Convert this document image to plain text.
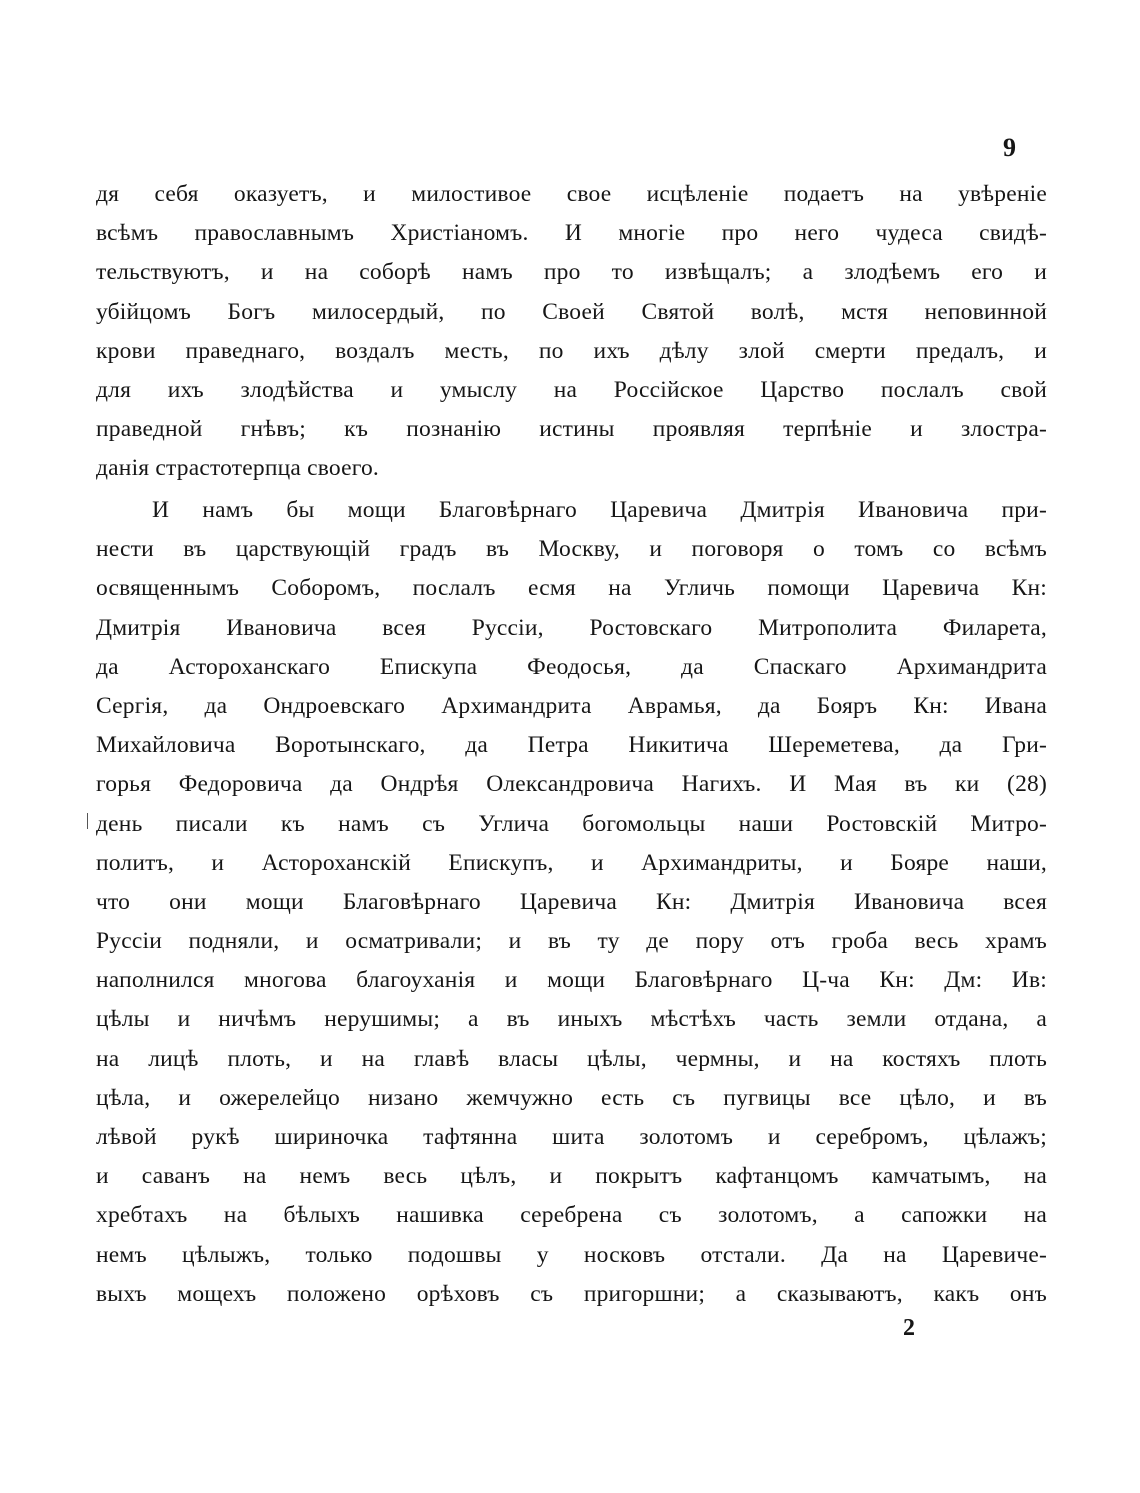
9
дя себя оказуетъ, и милостивое свое исцѣленіе подаетъ на увѣреніе
всѣмъ православнымъ Христіаномъ. И многіе про него чудеса свидѣ-
тельствуютъ, и на соборѣ намъ про то извѣщалъ; а злодѣемъ его и
убійцомъ Богъ милосердый, по Своей Святой волѣ, мстя неповинной
крови праведнаго, воздалъ месть, по ихъ дѣлу злой смерти предалъ, и
для ихъ злодѣйства и умыслу на Россійское Царство послалъ свой
праведной гнѣвъ; къ познанію истины проявляя терпѣніе и злостра-
данія страстотерпца своего.
И намъ бы мощи Благовѣрнаго Царевича Дмитрія Ивановича при-
нести въ царствующій градъ въ Москву, и поговоря о томъ со всѣмъ
освященнымъ Соборомъ, послалъ есмя на Угличь помощи Царевича Кн:
Дмитрія Ивановича всея Руссіи, Ростовскаго Митрополита Филарета,
да Астороханскаго Епискупа Феодосья, да Спаскаго Архимандрита
Сергія, да Ондроевскаго Архимандрита Аврамья, да Бояръ Кн: Ивана
Михайловича Воротынскаго, да Петра Никитича Шереметева, да Гри-
горья Федоровича да Ондрѣя Олександровича Нагихъ. И Мая въ ки (28)
день писали къ намъ съ Углича богомольцы наши Ростовскій Митро-
политъ, и Астороханскій Епискупъ, и Архимандриты, и Бояре наши,
что они мощи Благовѣрнаго Царевича Кн: Дмитрія Ивановича всея
Руссіи подняли, и осматривали; и въ ту де пору отъ гроба весь храмъ
наполнился многова благоуханія и мощи Благовѣрнаго Ц-ча Кн: Дм: Ив:
цѣлы и ничѣмъ нерушимы; а въ иныхъ мѣстѣхъ часть земли отдана, а
на лицѣ плоть, и на главѣ власы цѣлы, чермны, и на костяхъ плоть
цѣла, и ожерелейцо низано жемчужно есть съ пугвицы все цѣло, и въ
лѣвой рукѣ шириночка тафтянна шита золотомъ и серебромъ, цѣлажъ;
и саванъ на немъ весь цѣлъ, и покрытъ кафтанцомъ камчатымъ, на
хребтахъ на бѣлыхъ нашивка серебрена съ золотомъ, а сапожки на
немъ цѣлыжъ, только подошвы у носковъ отстали. Да на Царевиче-
выхъ мощехъ положено орѣховъ съ пригоршни; а сказываютъ, какъ онъ
2
